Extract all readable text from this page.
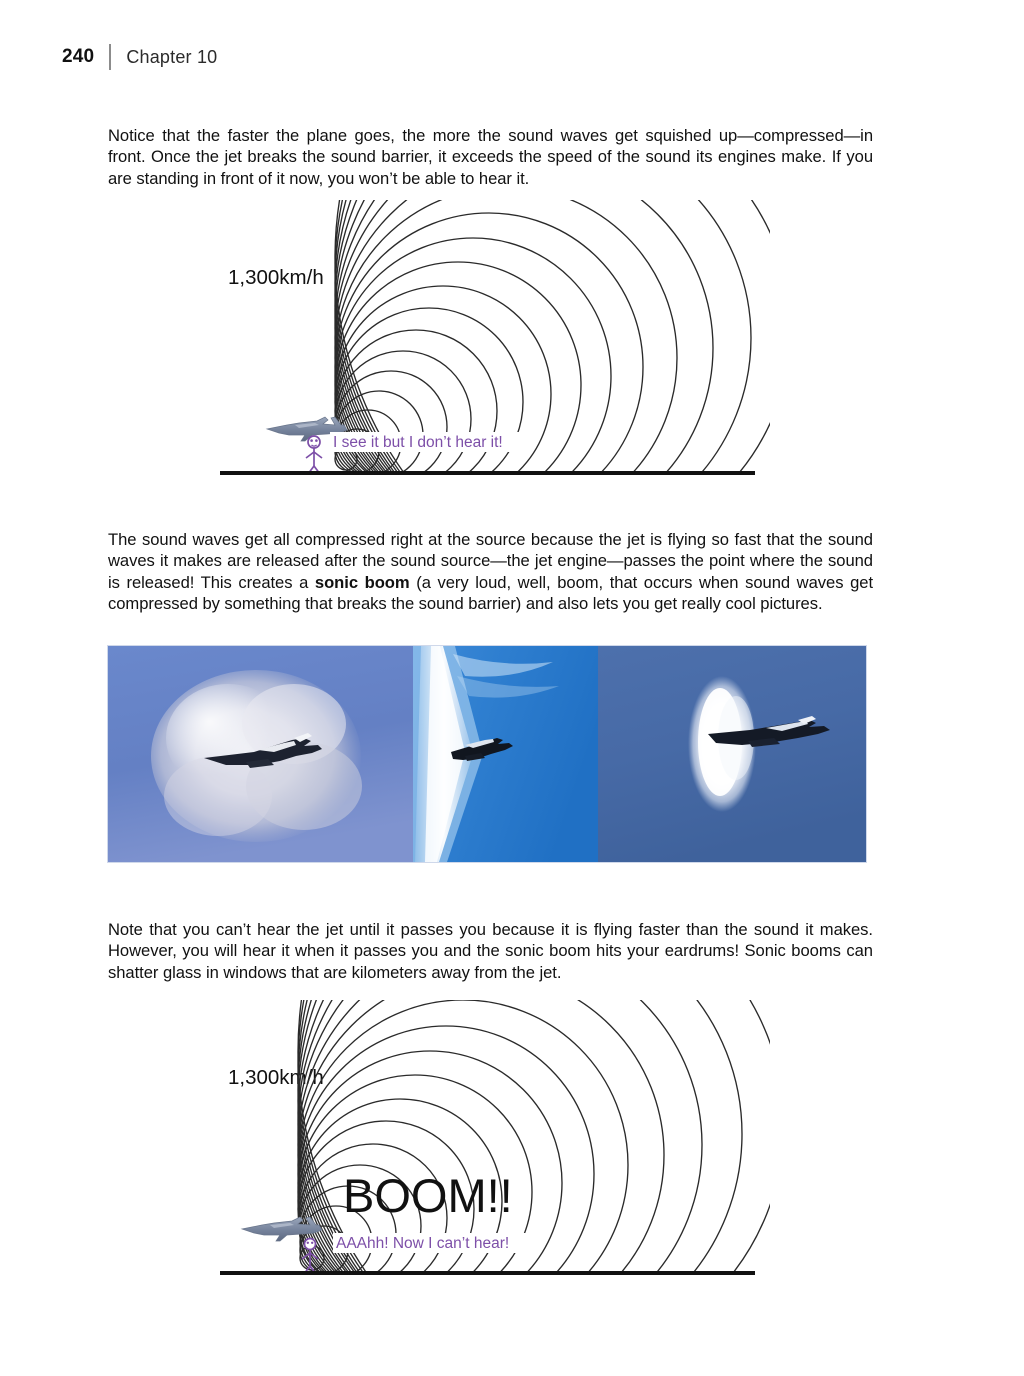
240 Chapter 10

Notice that the faster the plane goes, the more the sound waves get squished up—compressed—in front. Once the jet breaks the sound barrier, it exceeds the speed of the sound its engines make. If you are standing in front of it now, you won’t be able to hear it.

1,300km/h
I see it but I don’t hear it!

The sound waves get all compressed right at the source because the jet is flying so fast that the sound waves it makes are released after the sound source—the jet engine—passes the point where the sound is released! This creates a sonic boom (a very loud, well, boom, that occurs when sound waves get compressed by something that breaks the sound barrier) and also lets you get really cool pictures.

Note that you can’t hear the jet until it passes you because it is flying faster than the sound it makes. However, you will hear it when it passes you and the sonic boom hits your eardrums! Sonic booms can shatter glass in windows that are kilometers away from the jet.

1,300km/h
BOOM!!
AAAhh! Now I can’t hear!
